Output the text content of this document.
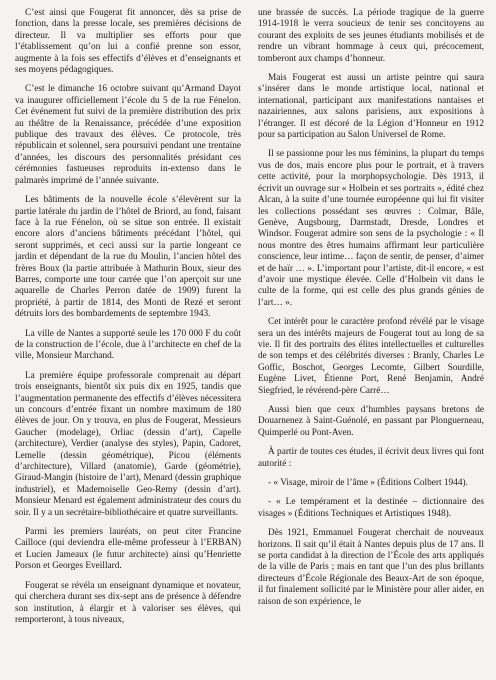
C’est ainsi que Fougerat fit annoncer, dès sa prise de fonction, dans la presse locale, ses premières décisions de directeur. Il va multiplier ses efforts pour que l’établissement qu’on lui a confié prenne son essor, augmente à la fois ses effectifs d’élèves et d’enseignants et ses moyens pédagogiques.

C’est le dimanche 16 octobre suivant qu’Armand Dayot va inaugurer officiellement l’école du 5 de la rue Fénelon. Cet événement fut suivi de la première distribution des prix au théâtre de la Renaissance, précédée d’une exposition publique des travaux des élèves. Ce protocole, très républicain et solennel, sera poursuivi pendant une trentaine d’années, les discours des personnalités présidant ces cérémonies fastueuses reproduits in-extenso dans le palmarès imprimé de l’année suivante.

Les bâtiments de la nouvelle école s’élevèrent sur la partie latérale du jardin de l’hôtel de Briord, au fond, faisant face à la rue Fénelon, où se situe son entrée. Il existait encore alors d’anciens bâtiments précédant l’hôtel, qui seront supprimés, et ceci aussi sur la partie longeant ce jardin et dépendant de la rue du Moulin, l’ancien hôtel des frères Boux (la partie attribuée à Mathurin Boux, sieur des Barres, comporte une tour carrée que l’on aperçoit sur une aquarelle de Charles Perron datée de 1909) furent la propriété, à partir de 1814, des Monti de Rezé et seront détruits lors des bombardements de septembre 1943.

La ville de Nantes a supporté seule les 170 000 F du coût de la construction de l’école, due à l’architecte en chef de la ville, Monsieur Marchand.

La première équipe professorale comprenait au départ trois enseignants, bientôt six puis dix en 1925, tandis que l’augmentation permanente des effectifs d’élèves nécessitera un concours d’entrée fixant un nombre maximum de 180 élèves de jour. On y trouva, en plus de Fougerat, Messieurs Gaucher (modelage), Orliac (dessin d’art), Capelle (architecture), Verdier (analyse des styles), Papin, Cadoret, Lemelle (dessin géométrique), Picou (éléments d’architecture), Villard (anatomie), Garde (géométrie), Giraud-Mangin (histoire de l’art), Menard (dessin graphique industriel), et Mademoiselle Geo-Remy (dessin d’art). Monsieur Menard est également administrateur des cours du soir. Il y a un secrétaire-bibliothécaire et quatre surveillants.

Parmi les premiers lauréats, on peut citer Francine Cailloce (qui deviendra elle-même professeur à l’ERBAN) et Lucien Jameaux (le futur architecte) ainsi qu’Henriette Porson et Georges Eveillard.

Fougerat se révéla un enseignant dynamique et novateur, qui cherchera durant ses dix-sept ans de présence à défendre son institution, à élargir et à valoriser ses élèves, qui remporteront, à tous niveaux,

une brassée de succès. La période tragique de la guerre 1914-1918 le verra soucieux de tenir ses concitoyens au courant des exploits de ses jeunes étudiants mobilisés et de rendre un vibrant hommage à ceux qui, précocement, tomberont aux champs d’honneur.

Mais Fougerat est aussi un artiste peintre qui saura s’insérer dans le monde artistique local, national et international, participant aux manifestations nantaises et nazairiennes, aux salons parisiens, aux expositions à l’étranger. Il est décoré de la Légion d’Honneur en 1912 pour sa participation au Salon Universel de Rome.

Il se passionne pour les nus féminins, la plupart du temps vus de dos, mais encore plus pour le portrait, et à travers cette activité, pour la morphopsychologie. Dès 1913, il écrivit un ouvrage sur « Holbein et ses portraits », édité chez Alcan, à la suite d’une tournée européenne qui lui fit visiter les collections possédant ses œuvres : Colmar, Bâle, Genève, Augsbourg, Darmstadt, Dresde, Londres et Windsor. Fougerat admire son sens de la psychologie : « Il nous montre des êtres humains affirmant leur particulière conscience, leur intime… façon de sentir, de penser, d’aimer et de haïr … ». L’important pour l’artiste, dit-il encore, « est d’avoir une mystique élevée. Celle d’Holbein vit dans le culte de la forme, qui est celle des plus grands génies de l’art… ».

Cet intérêt pour le caractère profond révélé par le visage sera un des intérêts majeurs de Fougerat tout au long de sa vie. Il fit des portraits des élites intellectuelles et culturelles de son temps et des célébrités diverses : Branly, Charles Le Goffic, Boschot, Georges Lecomte, Gilbert Sourdille, Eugène Livet, Étienne Port, René Benjamin, André Siegfried, le révérend-père Carré…

Aussi bien que ceux d’humbles paysans bretons de Douarnenez à Saint-Guénolé, en passant par Plonguerneau, Quimperlé ou Pont-Aven.

À partir de toutes ces études, il écrivit deux livres qui font autorité :

- « Visage, miroir de l’âme » (Éditions Colbert 1944).

- « Le tempérament et la destinée – dictionnaire des visages » (Éditions Techniques et Artistiques 1948).

Dès 1921, Emmanuel Fougerat cherchait de nouveaux horizons. Il sait qu’il était à Nantes depuis plus de 17 ans. Il se porta candidat à la direction de l’École des arts appliqués de la ville de Paris ; mais en tant que l’un des plus brillants directeurs d’École Régionale des Beaux-Art de son époque, il fut finalement sollicité par le Ministère pour aller aider, en raison de son expérience, le
